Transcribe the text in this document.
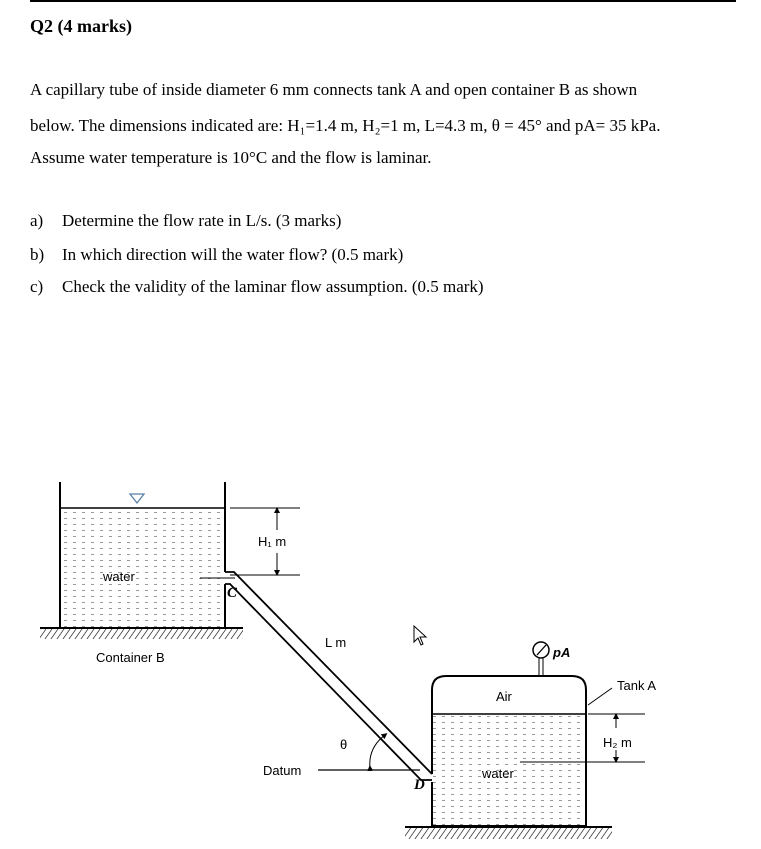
Q2 (4 marks)
A capillary tube of inside diameter 6 mm connects tank A and open container B as shown
below. The dimensions indicated are: H₁=1.4 m, H₂=1 m, L=4.3 m, θ = 45° and pA= 35 kPa.
Assume water temperature is 10°C and the flow is laminar.
a) Determine the flow rate in L/s. (3 marks)
b) In which direction will the water flow? (0.5 mark)
c) Check the validity of the laminar flow assumption. (0.5 mark)
H₁ m
water
C
Container B
L m
pA
Tank A
Air
H₂ m
θ
Datum
D
water
